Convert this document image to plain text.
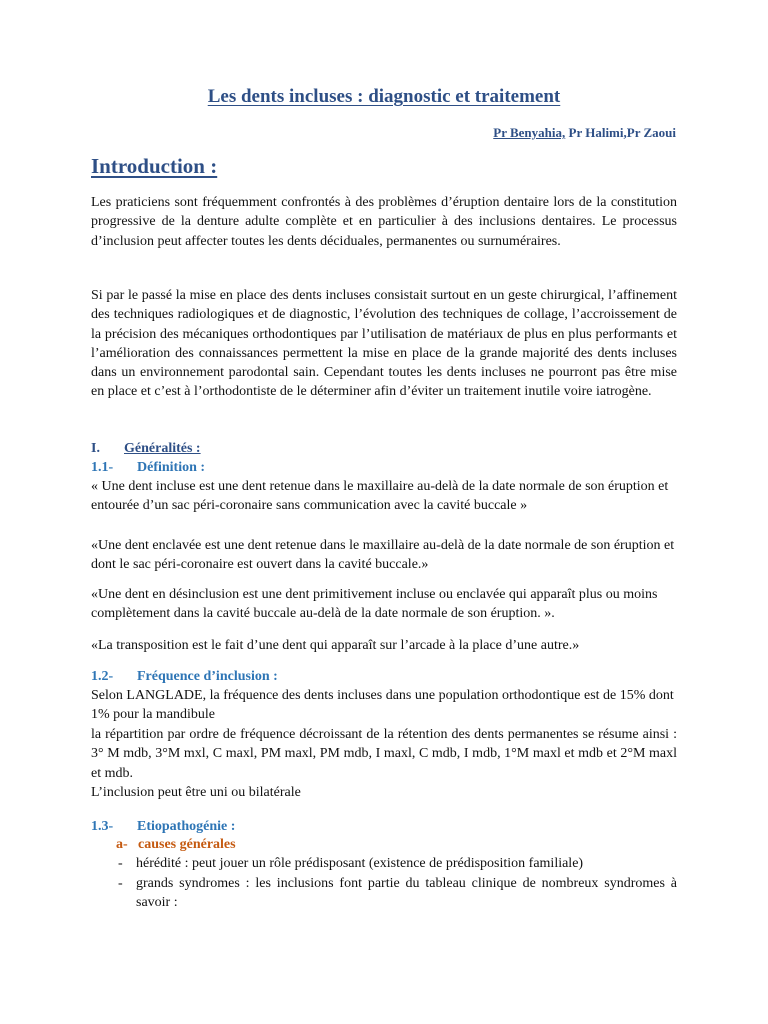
Les dents incluses : diagnostic et traitement
Pr Benyahia, Pr Halimi,Pr Zaoui
Introduction :

Les praticiens sont fréquemment confrontés à des problèmes d’éruption dentaire lors de la constitution progressive de la denture adulte complète et en particulier à des inclusions dentaires. Le processus d’inclusion peut affecter toutes les dents déciduales, permanentes ou surnuméraires.

Si par le passé la mise en place des dents incluses consistait surtout en un geste chirurgical, l’affinement des techniques radiologiques et de diagnostic, l’évolution des techniques de collage, l’accroissement de la précision des mécaniques orthodontiques par l’utilisation de matériaux de plus en plus performants et l’amélioration des connaissances permettent la mise en place de la grande majorité des dents incluses dans un environnement parodontal sain. Cependant toutes les dents incluses ne pourront pas être mise en place et c’est à l’orthodontiste de le déterminer afin d’éviter un traitement inutile voire iatrogène.

I. Généralités :
1.1- Définition :

« Une dent incluse est une dent retenue dans le maxillaire au-delà de la date normale de son éruption et entourée d’un sac péri-coronaire sans communication avec la cavité buccale »

«Une dent enclavée est une dent retenue dans le maxillaire au-delà de la date normale de son éruption et dont le sac péri-coronaire est ouvert dans la cavité buccale.»

«Une dent en désinclusion est une dent primitivement incluse ou enclavée qui apparaît plus ou moins complètement dans la cavité buccale au-delà de la date normale de son éruption. ».

«La transposition est le fait d’une dent qui apparaît sur l’arcade à la place d’une autre.»

1.2- Fréquence d’inclusion :

Selon LANGLADE, la fréquence des dents incluses dans une population orthodontique est de 15% dont 1% pour la mandibule

la répartition par ordre de fréquence décroissant de la rétention des dents permanentes se résume ainsi : 3° M mdb, 3°M mxl, C maxl, PM maxl, PM mdb, I maxl, C mdb, I mdb, 1°M maxl et mdb et 2°M maxl et mdb.

L’inclusion peut être uni ou bilatérale

1.3- Etiopathogénie :
a- causes générales
- hérédité : peut jouer un rôle prédisposant (existence de prédisposition familiale)
- grands syndromes : les inclusions font partie du tableau clinique de nombreux syndromes à savoir :
